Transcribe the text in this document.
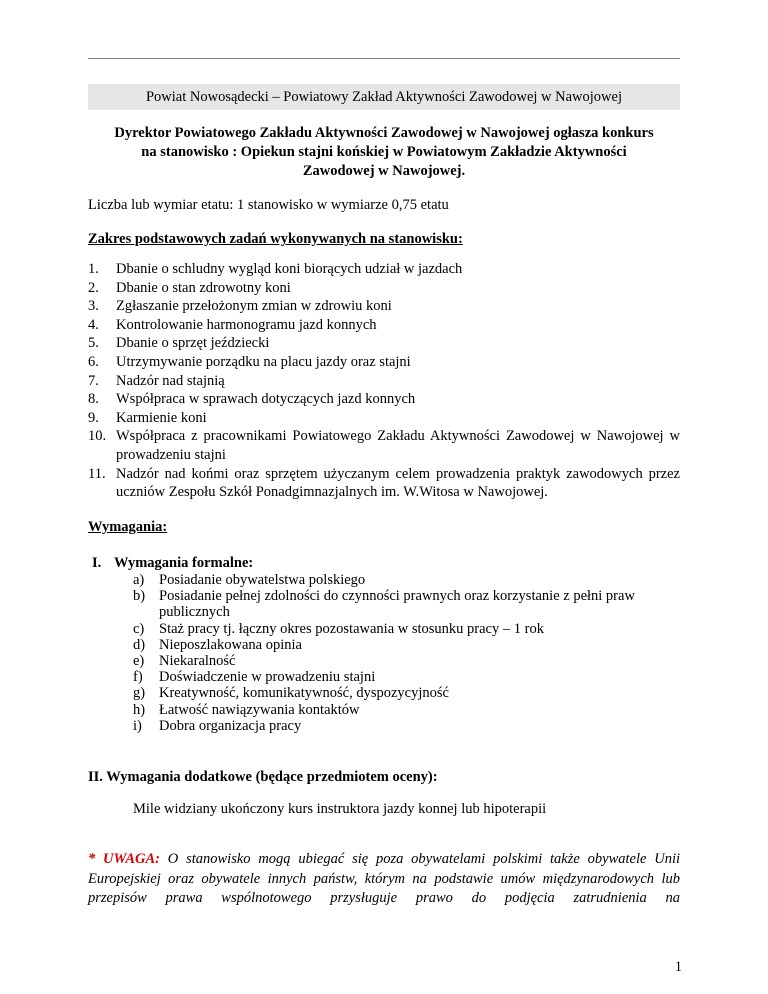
Powiat Nowosądecki – Powiatowy Zakład Aktywności Zawodowej w Nawojowej
Dyrektor Powiatowego Zakładu Aktywności Zawodowej w Nawojowej ogłasza konkurs
na stanowisko : Opiekun stajni końskiej w Powiatowym Zakładzie Aktywności
Zawodowej w Nawojowej.
Liczba lub wymiar etatu: 1 stanowisko w wymiarze 0,75 etatu
Zakres podstawowych zadań wykonywanych na stanowisku:
1. Dbanie o schludny wygląd koni biorących udział w jazdach
2. Dbanie o stan zdrowotny koni
3. Zgłaszanie przełożonym zmian w zdrowiu koni
4. Kontrolowanie harmonogramu jazd konnych
5. Dbanie o sprzęt jeździecki
6. Utrzymywanie porządku na placu jazdy oraz stajni
7. Nadzór nad stajnią
8. Współpraca w sprawach dotyczących jazd konnych
9. Karmienie koni
10. Współpraca z pracownikami Powiatowego Zakładu Aktywności Zawodowej w Nawojowej w prowadzeniu stajni
11. Nadzór nad końmi oraz sprzętem użyczanym celem prowadzenia praktyk zawodowych przez uczniów Zespołu Szkół Ponadgimnazjalnych im. W.Witosa w Nawojowej.
Wymagania:
I. Wymagania formalne:
a) Posiadanie obywatelstwa polskiego
b) Posiadanie pełnej zdolności do czynności prawnych oraz korzystanie z pełni praw publicznych
c) Staż pracy tj. łączny okres pozostawania w stosunku pracy – 1 rok
d) Nieposzlakowana opinia
e) Niekaralność
f) Doświadczenie w prowadzeniu stajni
g) Kreatywność, komunikatywność, dyspozycyjność
h) Łatwość nawiązywania kontaktów
i) Dobra organizacja pracy
II. Wymagania dodatkowe (będące przedmiotem oceny):
Mile widziany ukończony kurs instruktora jazdy konnej lub hipoterapii
* UWAGA: O stanowisko mogą ubiegać się poza obywatelami polskimi także obywatele Unii Europejskiej oraz obywatele innych państw, którym na podstawie umów międzynarodowych lub przepisów prawa wspólnotowego przysługuje prawo do podjęcia zatrudnienia na
1
